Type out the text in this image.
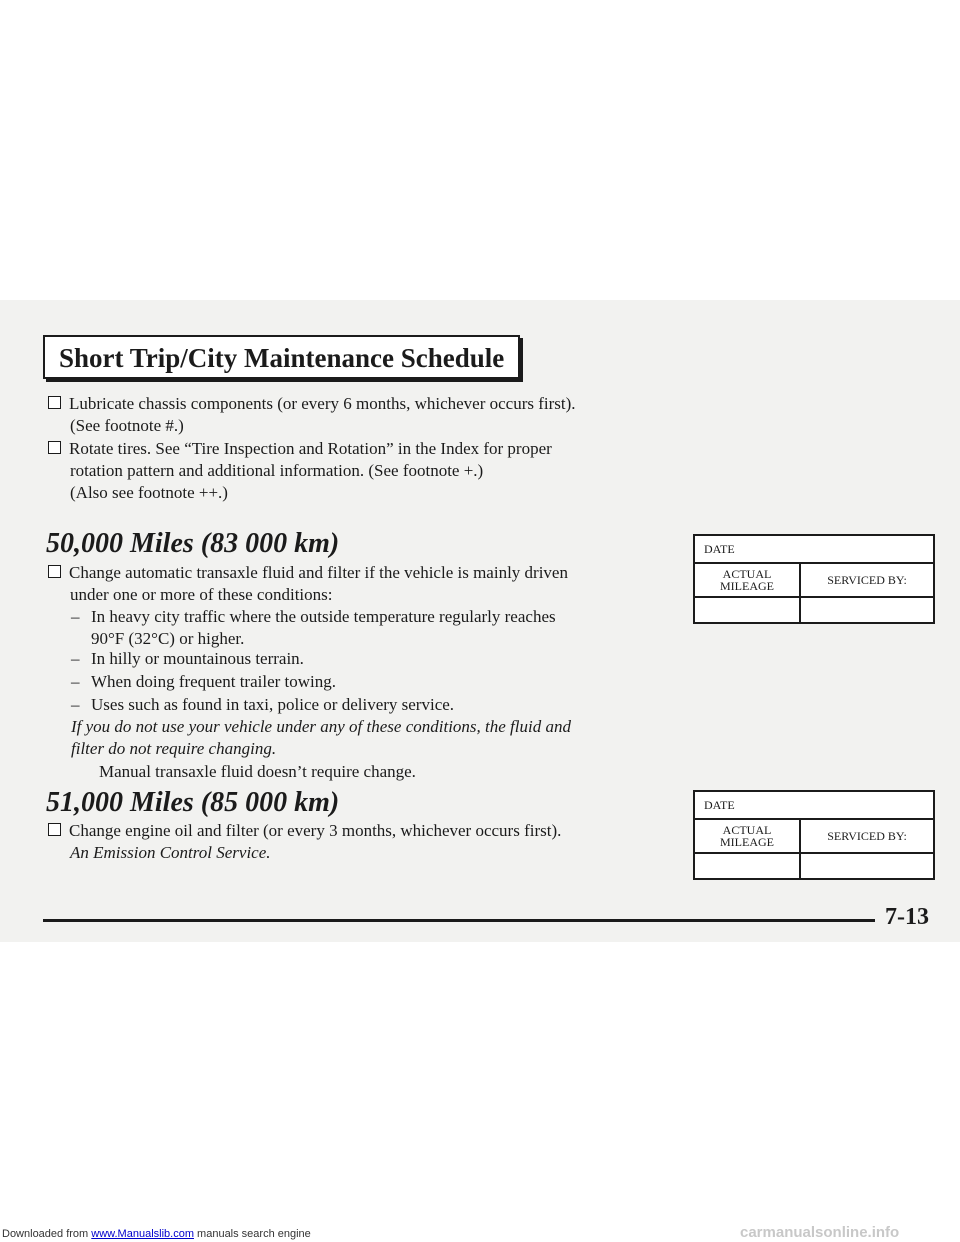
Short Trip/City Maintenance Schedule
Lubricate chassis components (or every 6 months, whichever occurs first).
(See footnote #.)
Rotate tires. See “Tire Inspection and Rotation” in the Index for proper
rotation pattern and additional information. (See footnote +.)
(Also see footnote ++.)
50,000 Miles (83 000 km)
Change automatic transaxle fluid and filter if the vehicle is mainly driven
under one or more of these conditions:
– In heavy city traffic where the outside temperature regularly reaches
90°F (32°C) or higher.
– In hilly or mountainous terrain.
– When doing frequent trailer towing.
– Uses such as found in taxi, police or delivery service.
If you do not use your vehicle under any of these conditions, the fluid and
filter do not require changing.
Manual transaxle fluid doesn’t require change.
51,000 Miles (85 000 km)
Change engine oil and filter (or every 3 months, whichever occurs first).
An Emission Control Service.
DATE
ACTUAL
MILEAGE	SERVICED BY:
DATE
ACTUAL
MILEAGE	SERVICED BY:
7-13
Downloaded from www.Manualslib.com manuals search engine	carmanualsonline.info
